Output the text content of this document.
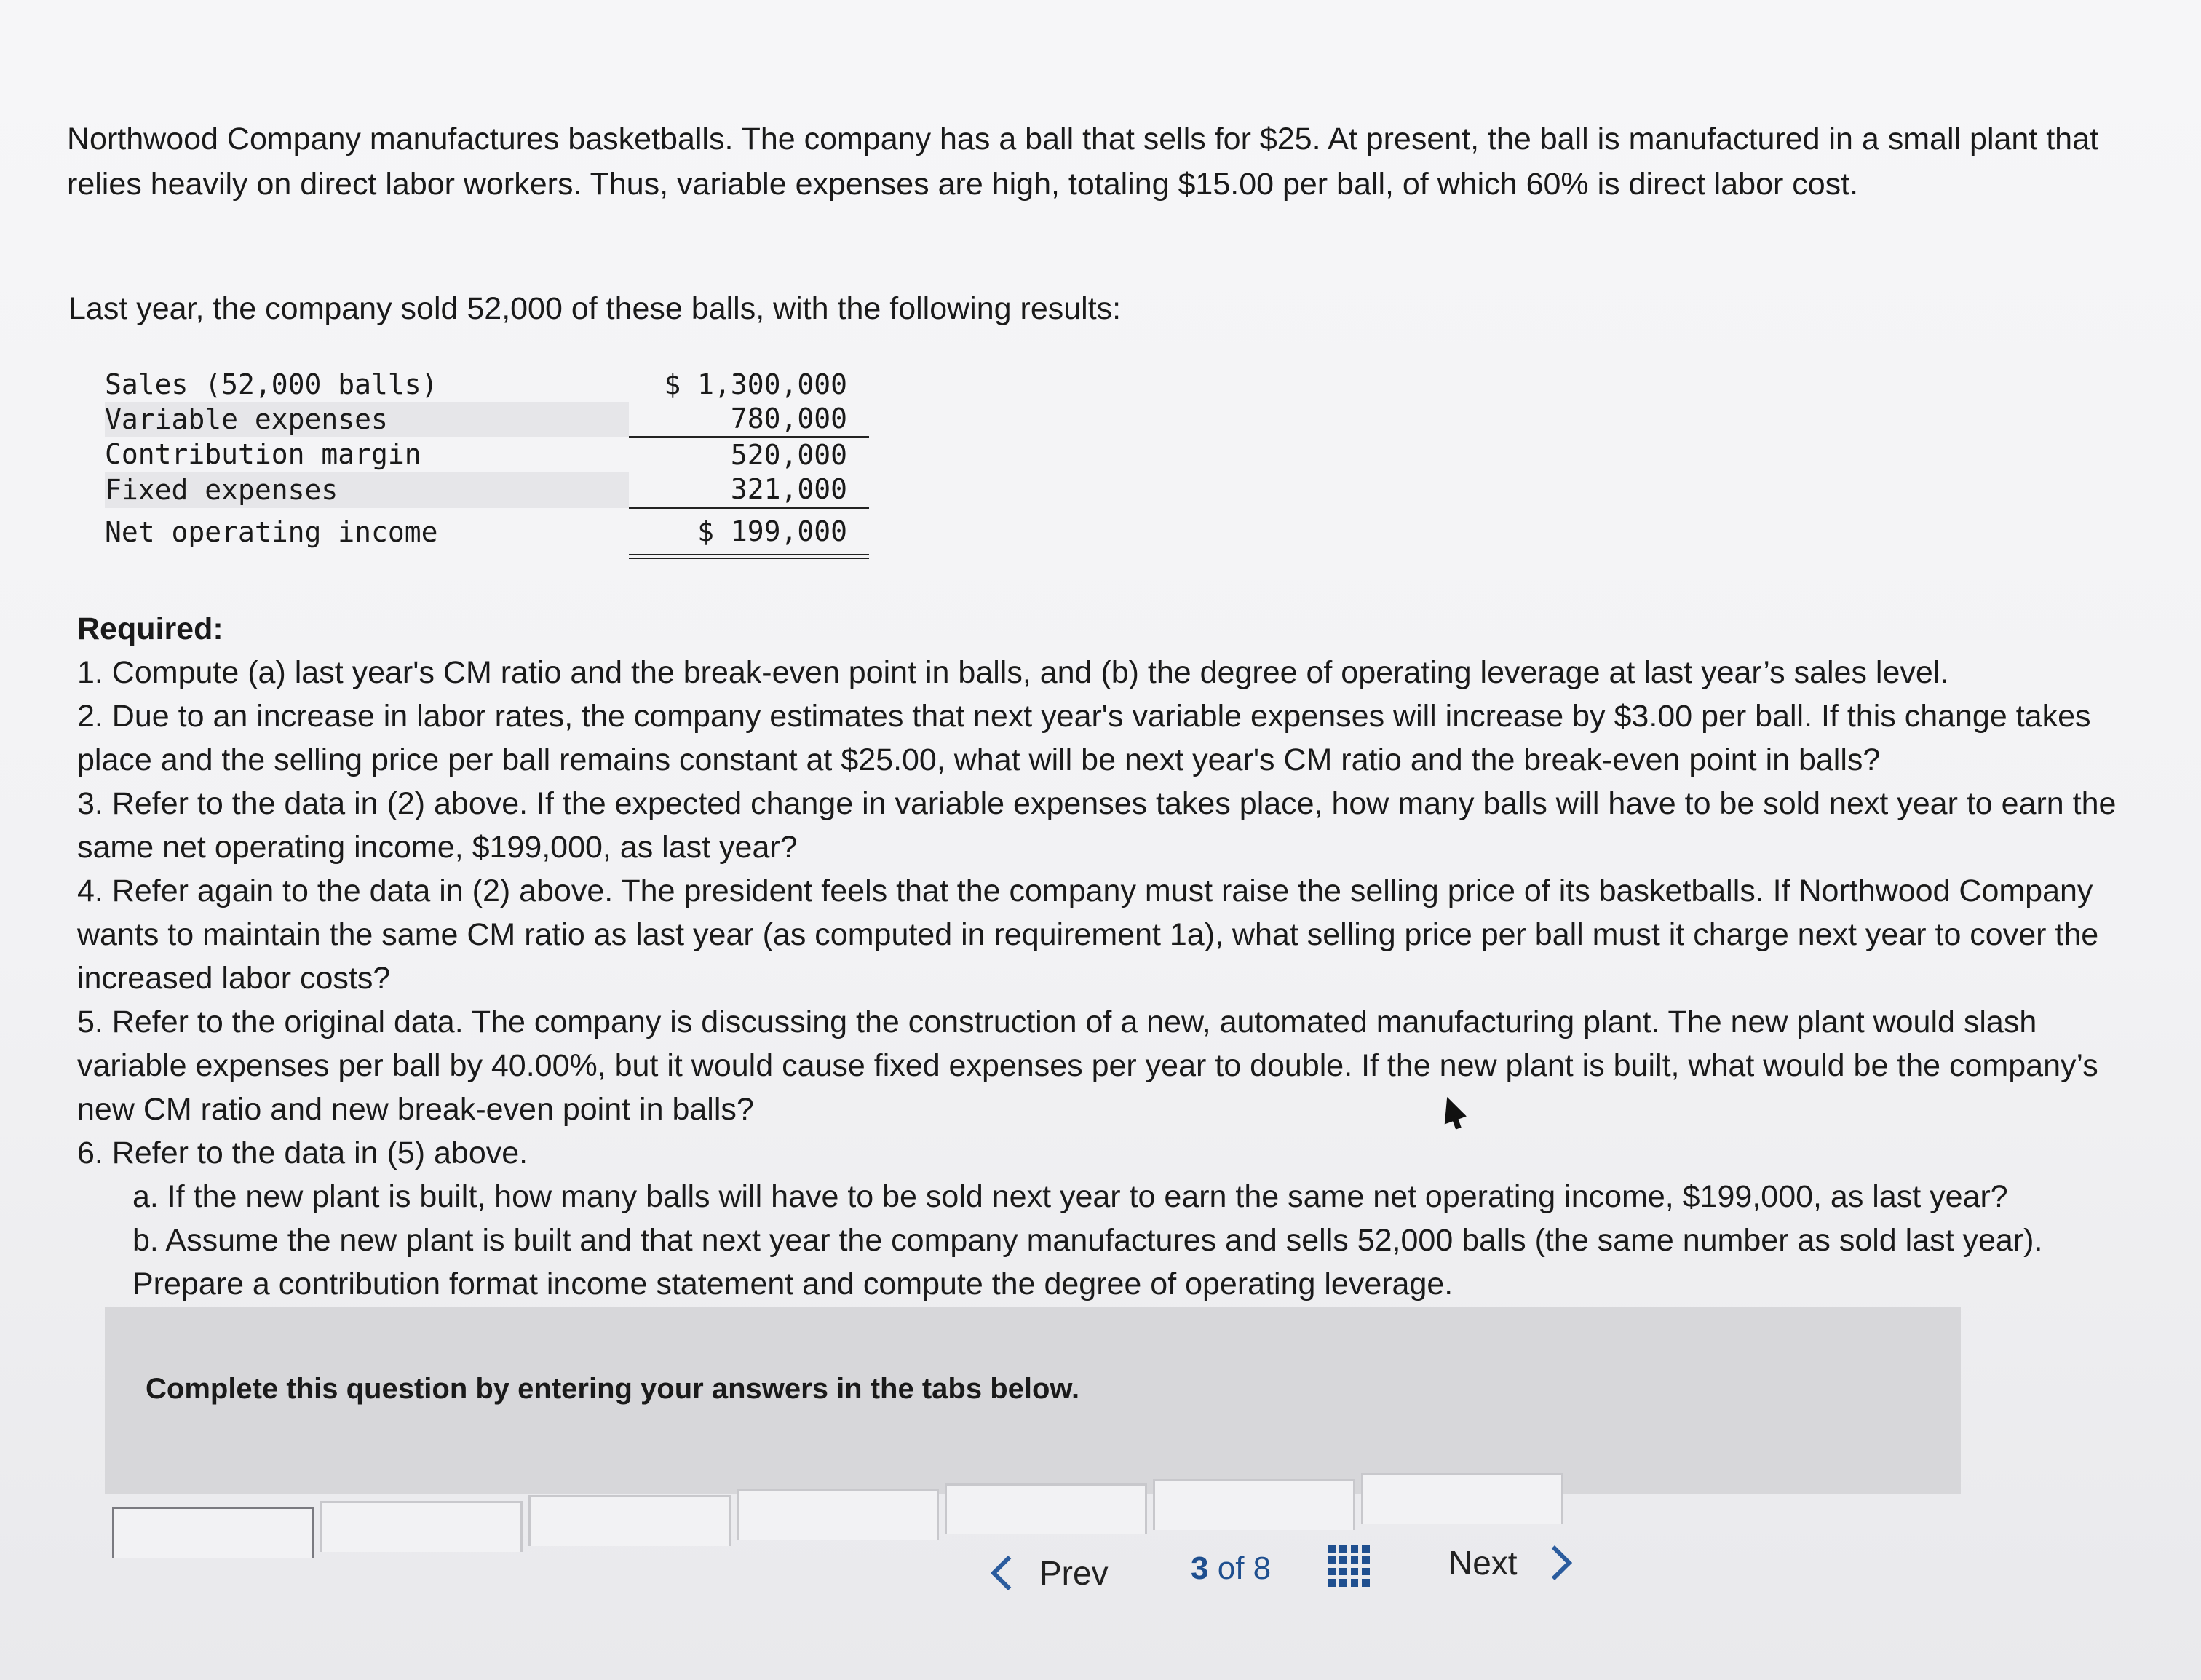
Northwood Company manufactures basketballs. The company has a ball that sells for $25. At present, the ball is manufactured in a small plant that relies heavily on direct labor workers. Thus, variable expenses are high, totaling $15.00 per ball, of which 60% is direct labor cost.

Last year, the company sold 52,000 of these balls, with the following results:

Sales (52,000 balls)	$ 1,300,000
Variable expenses	780,000
Contribution margin	520,000
Fixed expenses	321,000
Net operating income	$ 199,000

Required:

1. Compute (a) last year's CM ratio and the break-even point in balls, and (b) the degree of operating leverage at last year’s sales level.

2. Due to an increase in labor rates, the company estimates that next year's variable expenses will increase by $3.00 per ball. If this change takes place and the selling price per ball remains constant at $25.00, what will be next year's CM ratio and the break-even point in balls?

3. Refer to the data in (2) above. If the expected change in variable expenses takes place, how many balls will have to be sold next year to earn the same net operating income, $199,000, as last year?

4. Refer again to the data in (2) above. The president feels that the company must raise the selling price of its basketballs. If Northwood Company wants to maintain the same CM ratio as last year (as computed in requirement 1a), what selling price per ball must it charge next year to cover the increased labor costs?

5. Refer to the original data. The company is discussing the construction of a new, automated manufacturing plant. The new plant would slash variable expenses per ball by 40.00%, but it would cause fixed expenses per year to double. If the new plant is built, what would be the company’s new CM ratio and new break-even point in balls?

6. Refer to the data in (5) above.

a. If the new plant is built, how many balls will have to be sold next year to earn the same net operating income, $199,000, as last year?

b. Assume the new plant is built and that next year the company manufactures and sells 52,000 balls (the same number as sold last year). Prepare a contribution format income statement and compute the degree of operating leverage.

Complete this question by entering your answers in the tabs below.
Prev	3 of 8	Next
